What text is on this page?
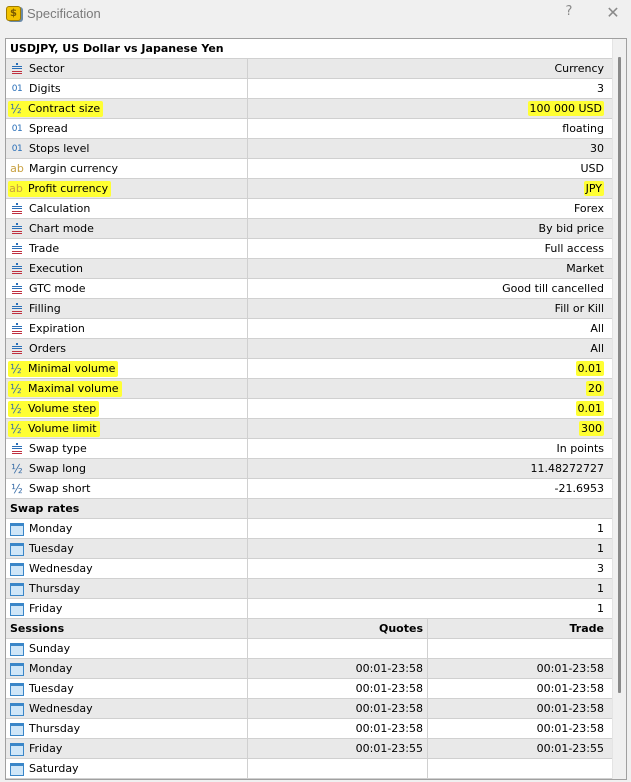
$ Specification	? ✕
USDJPY, US Dollar vs Japanese Yen
Sector	Currency
01 Digits	3
½ Contract size	100 000 USD
01 Spread	floating
01 Stops level	30
ab Margin currency	USD
ab Profit currency	JPY
Calculation	Forex
Chart mode	By bid price
Trade	Full access
Execution	Market
GTC mode	Good till cancelled
Filling	Fill or Kill
Expiration	All
Orders	All
½ Minimal volume	0.01
½ Maximal volume	20
½ Volume step	0.01
½ Volume limit	300
Swap type	In points
½ Swap long	11.48272727
½ Swap short	-21.6953
Swap rates
Monday	1
Tuesday	1
Wednesday	3
Thursday	1
Friday	1
Sessions	Quotes	Trade
Sunday
Monday	00:01-23:58	00:01-23:58
Tuesday	00:01-23:58	00:01-23:58
Wednesday	00:01-23:58	00:01-23:58
Thursday	00:01-23:58	00:01-23:58
Friday	00:01-23:55	00:01-23:55
Saturday
